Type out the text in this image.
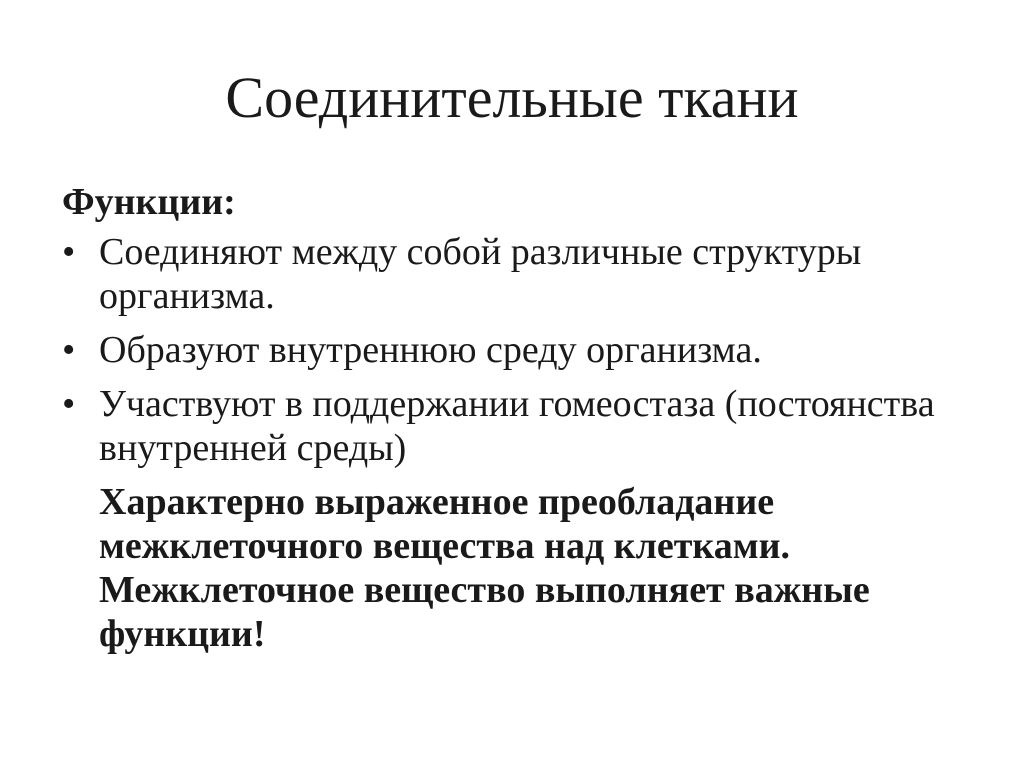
Соединительные ткани
Функции:
• Соединяют между собой различные структуры организма.
• Образуют внутреннюю среду организма.
• Участвуют в поддержании гомеостаза (постоянства внутренней среды)
Характерно выраженное преобладание межклеточного вещества над клетками. Межклеточное вещество выполняет важные функции!
